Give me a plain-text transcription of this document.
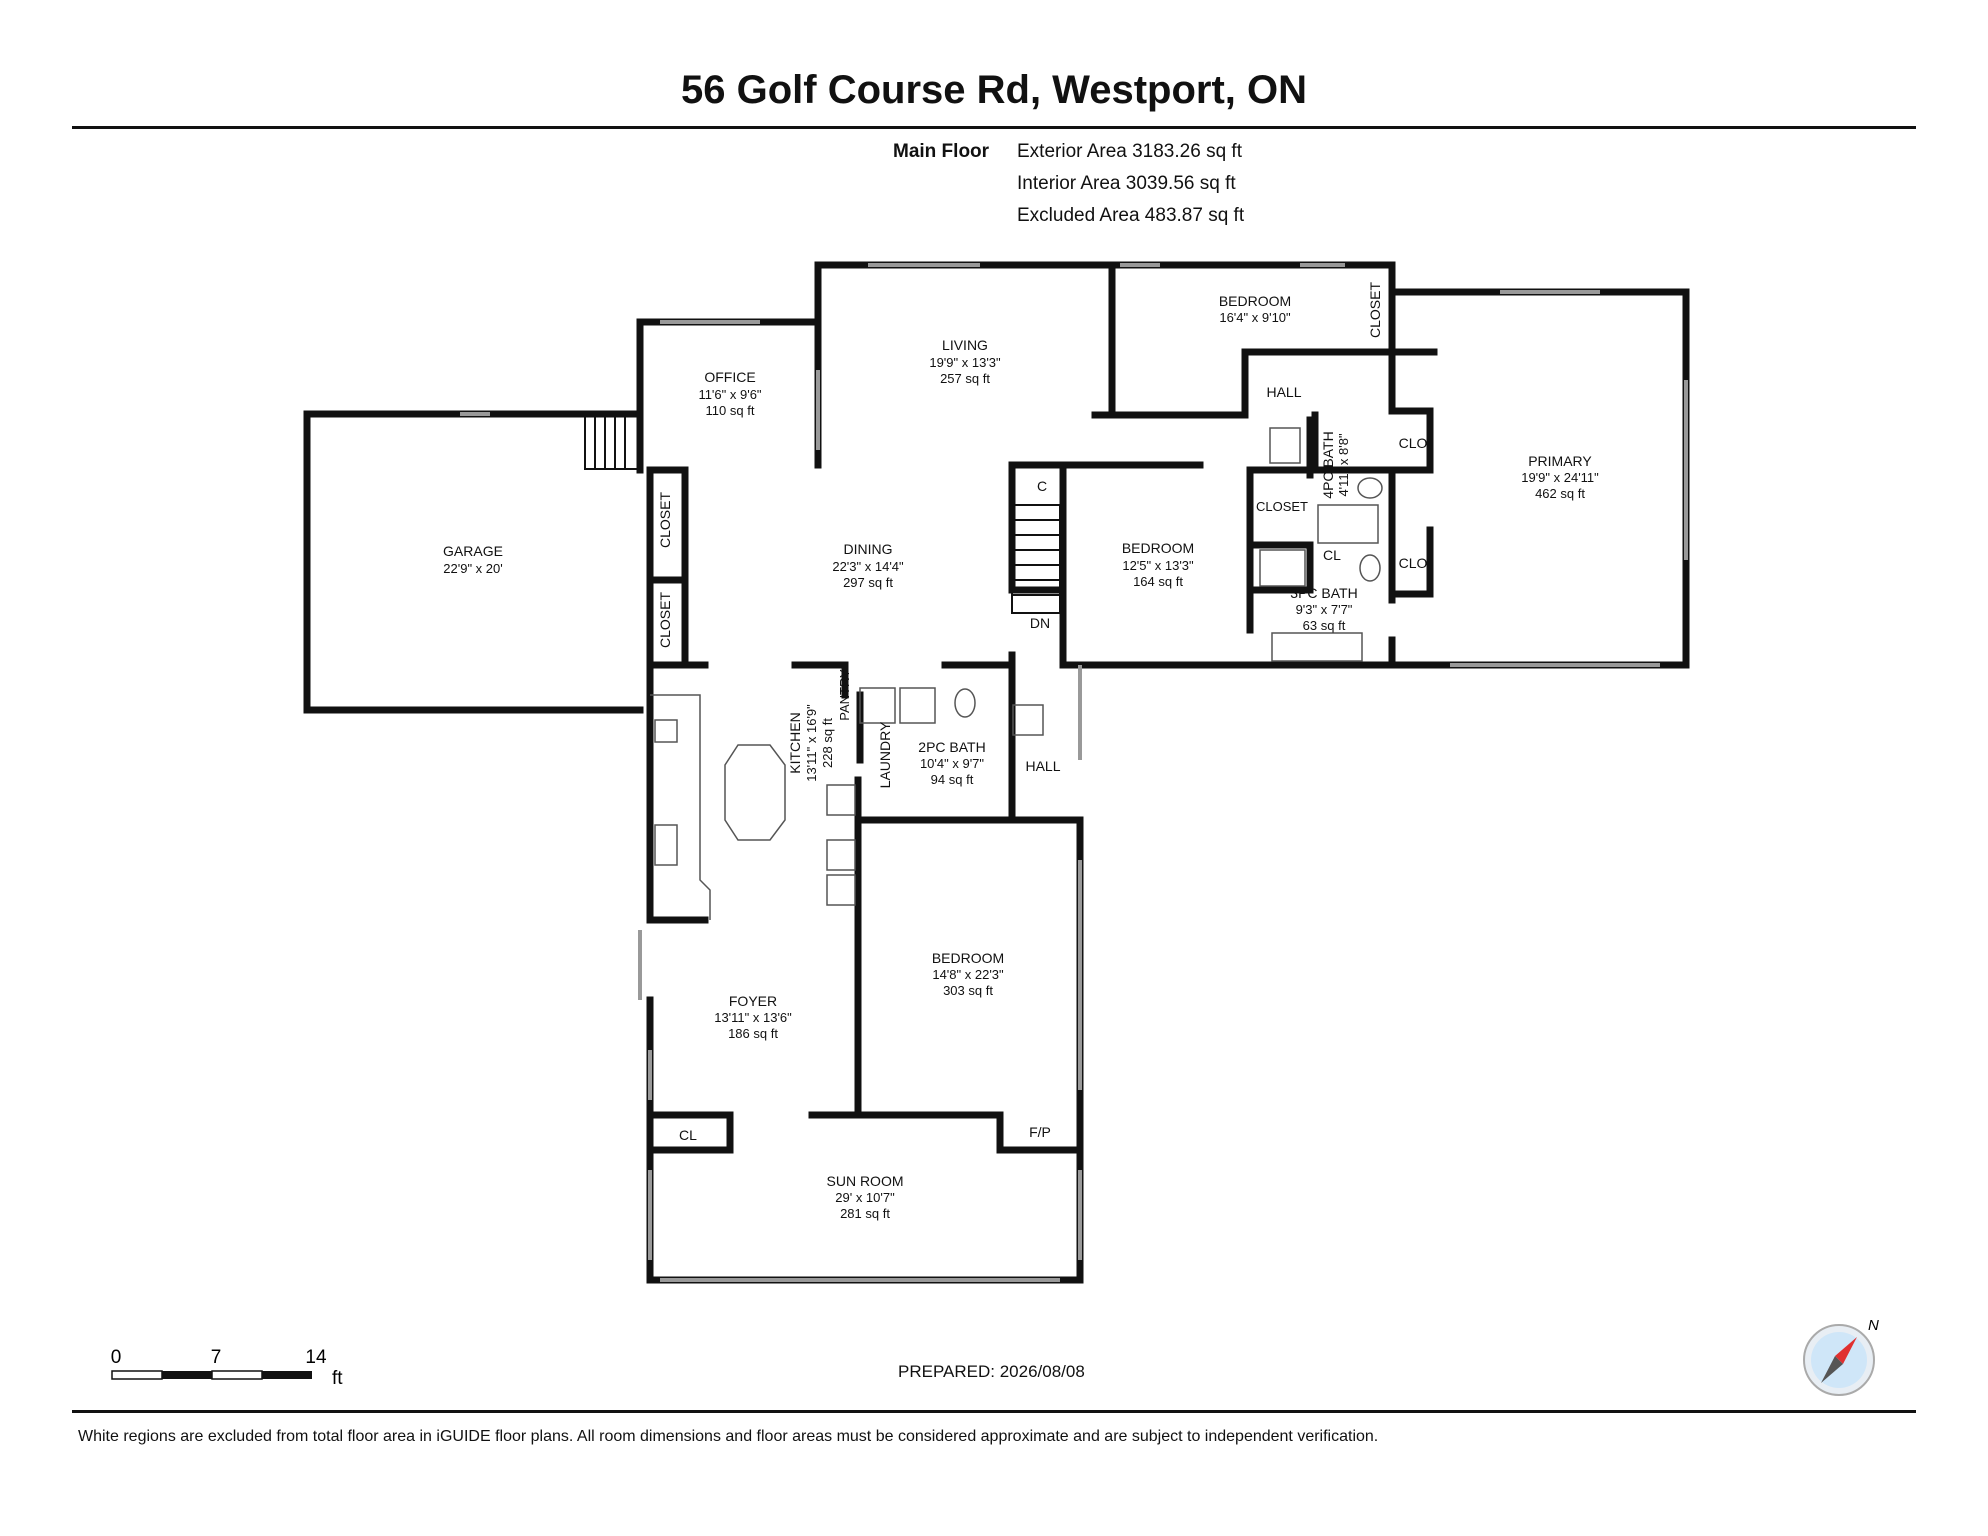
56 Golf Course Rd, Westport, ON
Main Floor Exterior Area 3183.26 sq ft
Interior Area 3039.56 sq ft
Excluded Area 483.87 sq ft
GARAGE
22'9" x 20'
OFFICE
11'6" x 9'6"
110 sq ft
LIVING
19'9" x 13'3"
257 sq ft
BEDROOM
16'4" x 9'10"
DINING
22'3" x 14'4"
297 sq ft
BEDROOM
12'5" x 13'3"
164 sq ft
PRIMARY
19'9" x 24'11"
462 sq ft
3PC BATH
9'3" x 7'7"
63 sq ft
2PC BATH
10'4" x 9'7"
94 sq ft
BEDROOM
14'8" x 22'3"
303 sq ft
FOYER
13'11" x 13'6"
186 sq ft
SUN ROOM
29' x 10'7"
281 sq ft
HALL
HALL
CLO
CLO
CL
CLOSET
CL	F/P
C
DN
CLOSET
CLOSET
CLOSET
LAUNDRY
PANTRY
KITCHEN 13'11" x 16'9" 228 sq ft
4PC BATH 4'11" x 8'8"
0	7	14
ft	PREPARED: 2026/08/08
N
White regions are excluded from total floor area in iGUIDE floor plans. All room dimensions and floor areas must be considered approximate and are subject to independent verification.
